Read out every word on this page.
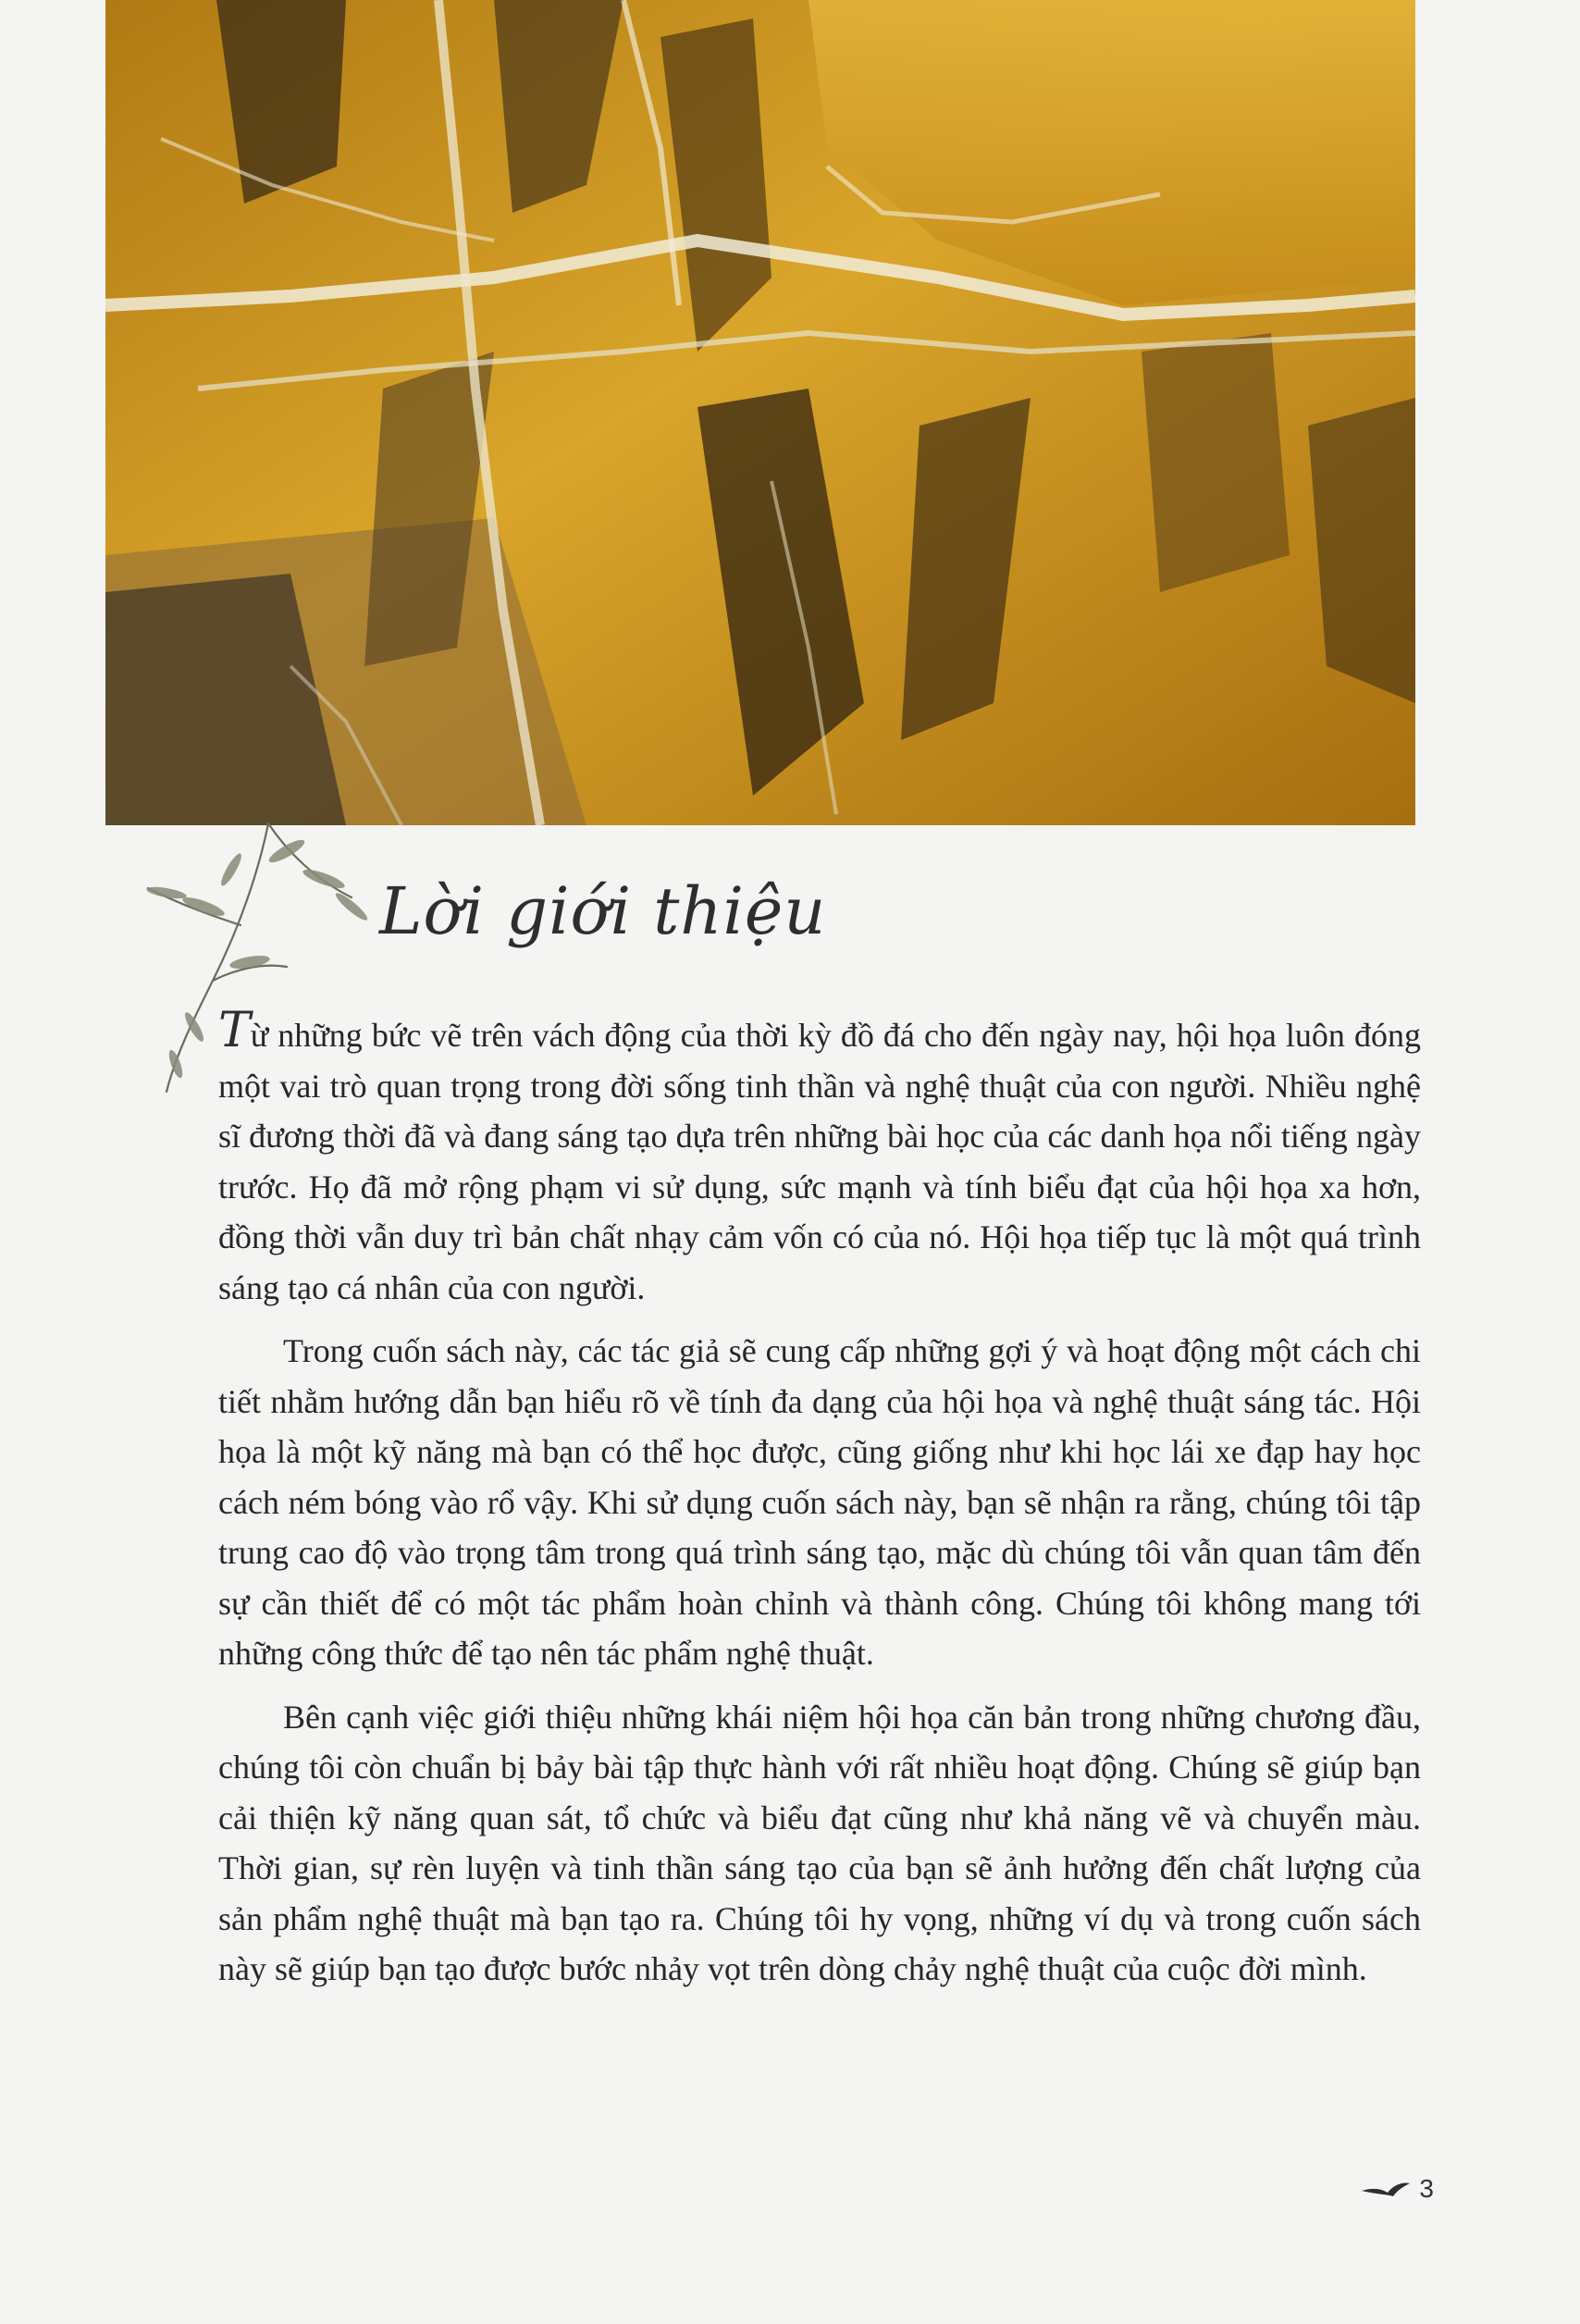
Lời giới thiệu

Từ những bức vẽ trên vách động của thời kỳ đồ đá cho đến ngày nay, hội họa luôn đóng một vai trò quan trọng trong đời sống tinh thần và nghệ thuật của con người. Nhiều nghệ sĩ đương thời đã và đang sáng tạo dựa trên những bài học của các danh họa nổi tiếng ngày trước. Họ đã mở rộng phạm vi sử dụng, sức mạnh và tính biểu đạt của hội họa xa hơn, đồng thời vẫn duy trì bản chất nhạy cảm vốn có của nó. Hội họa tiếp tục là một quá trình sáng tạo cá nhân của con người.

Trong cuốn sách này, các tác giả sẽ cung cấp những gợi ý và hoạt động một cách chi tiết nhằm hướng dẫn bạn hiểu rõ về tính đa dạng của hội họa và nghệ thuật sáng tác. Hội họa là một kỹ năng mà bạn có thể học được, cũng giống như khi học lái xe đạp hay học cách ném bóng vào rổ vậy. Khi sử dụng cuốn sách này, bạn sẽ nhận ra rằng, chúng tôi tập trung cao độ vào trọng tâm trong quá trình sáng tạo, mặc dù chúng tôi vẫn quan tâm đến sự cần thiết để có một tác phẩm hoàn chỉnh và thành công. Chúng tôi không mang tới những công thức để tạo nên tác phẩm nghệ thuật.

Bên cạnh việc giới thiệu những khái niệm hội họa căn bản trong những chương đầu, chúng tôi còn chuẩn bị bảy bài tập thực hành với rất nhiều hoạt động. Chúng sẽ giúp bạn cải thiện kỹ năng quan sát, tổ chức và biểu đạt cũng như khả năng vẽ và chuyển màu. Thời gian, sự rèn luyện và tinh thần sáng tạo của bạn sẽ ảnh hưởng đến chất lượng của sản phẩm nghệ thuật mà bạn tạo ra. Chúng tôi hy vọng, những ví dụ và trong cuốn sách này sẽ giúp bạn tạo được bước nhảy vọt trên dòng chảy nghệ thuật của cuộc đời mình.

3
